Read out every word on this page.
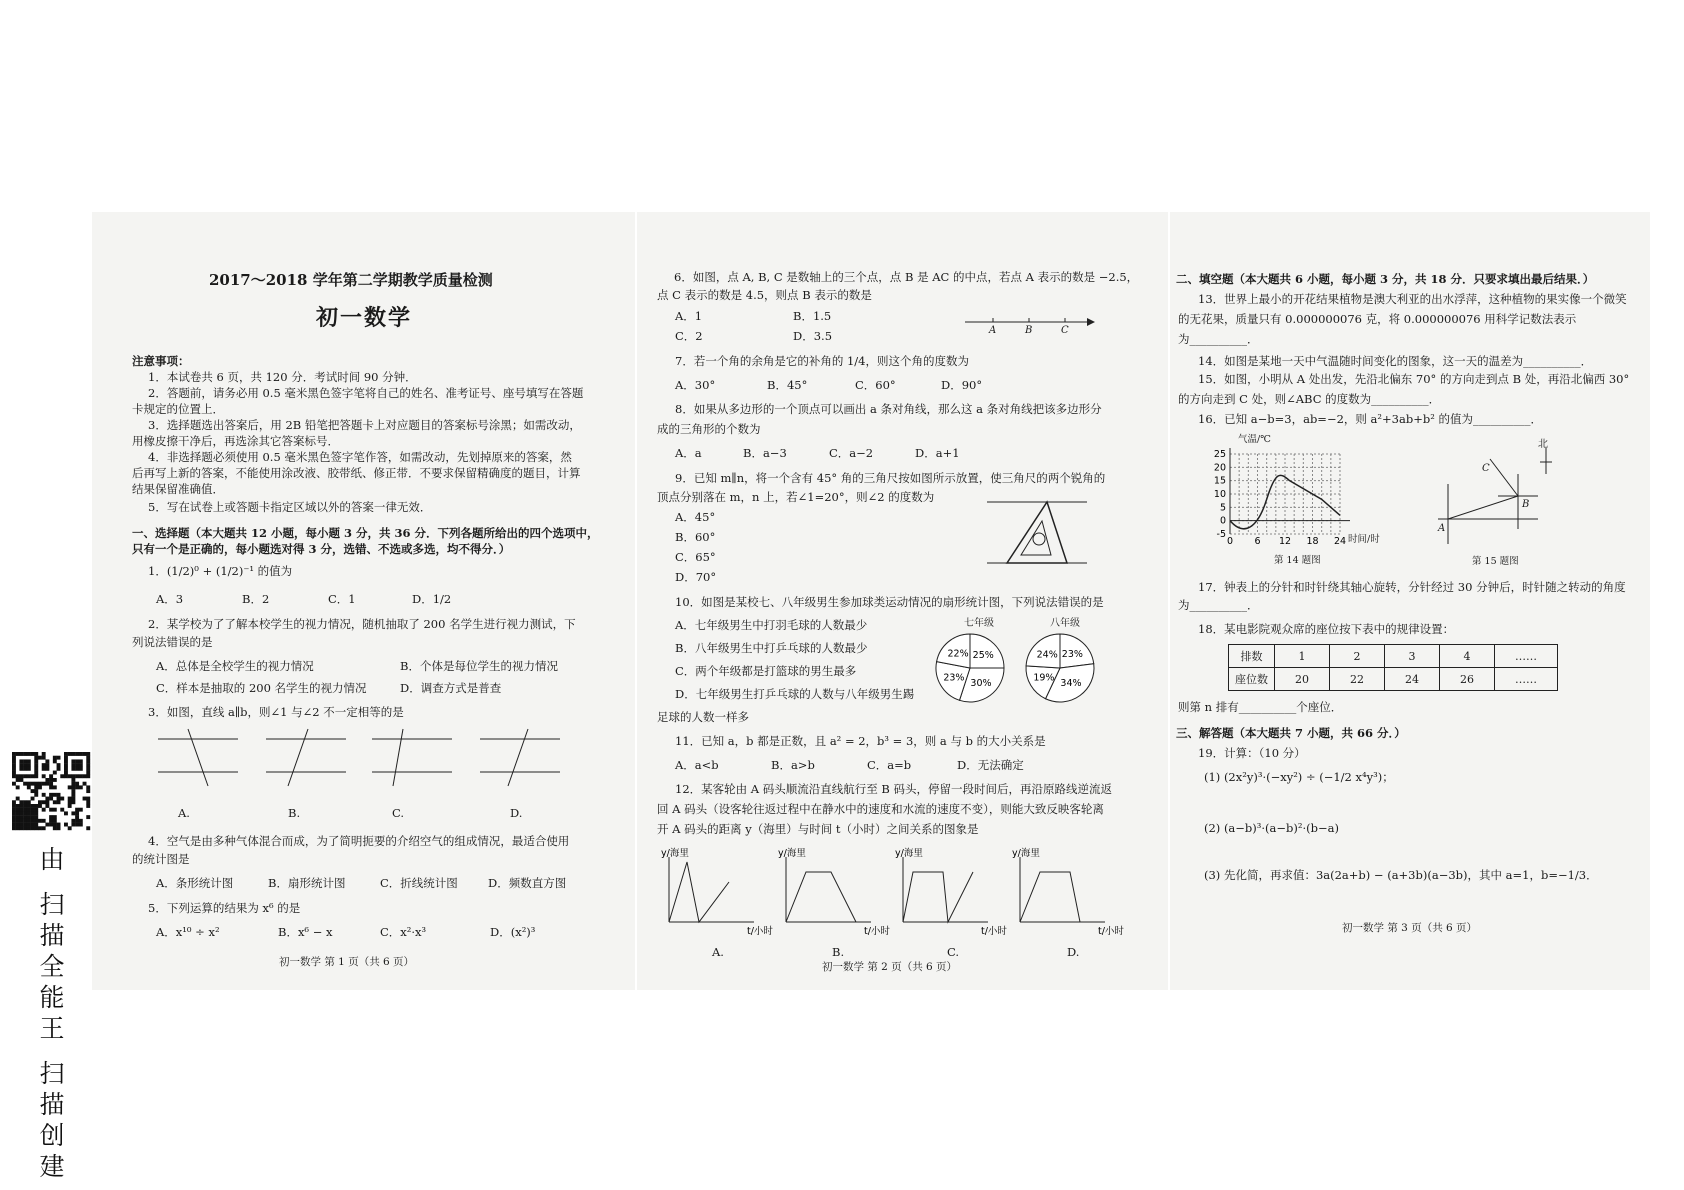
2017～2018 学年第二学期教学质量检测
初一数学
注意事项：
1．本试卷共 6 页，共 120 分．考试时间 90 分钟．
2．答题前，请务必用 0.5 毫米黑色签字笔将自己的姓名、准考证号、座号填写在答题
卡规定的位置上．
3．选择题选出答案后，用 2B 铅笔把答题卡上对应题目的答案标号涂黑；如需改动，
用橡皮擦干净后，再选涂其它答案标号．
4．非选择题必须使用 0.5 毫米黑色签字笔作答，如需改动，先划掉原来的答案，然
后再写上新的答案，不能使用涂改液、胶带纸、修正带．不要求保留精确度的题目，计算
结果保留准确值．
5．写在试卷上或答题卡指定区域以外的答案一律无效．
一、选择题（本大题共 12 小题，每小题 3 分，共 36 分．下列各题所给出的四个选项中，
只有一个是正确的，每小题选对得 3 分，选错、不选或多选，均不得分．）
1．(1/2)⁰ + (1/2)⁻¹ 的值为
A．3	B．2	C．1	D．1/2
2．某学校为了了解本校学生的视力情况，随机抽取了 200 名学生进行视力测试，下
列说法错误的是
A．总体是全校学生的视力情况	B．个体是每位学生的视力情况
C．样本是抽取的 200 名学生的视力情况	D．调查方式是普查
3．如图，直线 a∥b，则∠1 与∠2 不一定相等的是
A.	B.	C.	D.
4．空气是由多种气体混合而成，为了简明扼要的介绍空气的组成情况，最适合使用
的统计图是
A．条形统计图	B．扇形统计图	C．折线统计图	D．频数直方图
5．下列运算的结果为 x⁶ 的是
A．x¹⁰ ÷ x²	B．x⁶ − x	C．x²·x³	D．(x²)³
初一数学 第 1 页（共 6 页）
6．如图，点 A, B, C 是数轴上的三个点，点 B 是 AC 的中点，若点 A 表示的数是 −2.5，
点 C 表示的数是 4.5，则点 B 表示的数是
A．1	B．1.5
C．2	D．3.5	A	B	C
7．若一个角的余角是它的补角的 1/4，则这个角的度数为
A．30°	B．45°	C．60°	D．90°
8．如果从多边形的一个顶点可以画出 a 条对角线，那么这 a 条对角线把该多边形分
成的三角形的个数为
A．a	B．a−3	C．a−2	D．a+1
9．已知 m∥n，将一个含有 45° 角的三角尺按如图所示放置，使三角尺的两个锐角的
顶点分别落在 m，n 上，若∠1=20°，则∠2 的度数为
A．45°
B．60°
C．65°
D．70°
10．如图是某校七、八年级男生参加球类运动情况的扇形统计图，下列说法错误的是
A．七年级男生中打羽毛球的人数最少
B．八年级男生中打乒乓球的人数最少
C．两个年级都是打篮球的男生最多
D．七年级男生打乒乓球的人数与八年级男生踢
足球的人数一样多
七年级	八年级
25%
30%
23%
22%	23%
34%
19%
24%
11．已知 a，b 都是正数，且 a² = 2，b³ = 3，则 a 与 b 的大小关系是
A．a<b	B．a>b	C．a=b	D．无法确定
12．某客轮由 A 码头顺流沿直线航行至 B 码头，停留一段时间后，再沿原路线逆流返
回 A 码头（设客轮往返过程中在静水中的速度和水流的速度不变），则能大致反映客轮离
开 A 码头的距离 y（海里）与时间 t（小时）之间关系的图象是
y/海里
t/小时
y/海里
t/小时
y/海里
t/小时
y/海里
t/小时
A.	B.	C.	D.
初一数学 第 2 页（共 6 页）
二、填空题（本大题共 6 小题，每小题 3 分，共 18 分．只要求填出最后结果．）
13．世界上最小的开花结果植物是澳大利亚的出水浮萍，这种植物的果实像一个微笑
的无花果，质量只有 0.000000076 克，将 0.000000076 用科学记数法表示
为__________．
14．如图是某地一天中气温随时间变化的图象，这一天的温差为__________．
15．如图，小明从 A 处出发，先沿北偏东 70° 的方向走到点 B 处，再沿北偏西 30°
的方向走到 C 处，则∠ABC 的度数为__________．
16．已知 a−b=3，ab=−2，则 a²+3ab+b² 的值为__________．
气温/℃
25
20
15
10
5
0
-5
0 6 12 18 24 时间/时
第 14 题图
北
A
B
C
第 15 题图
17．钟表上的分针和时针绕其轴心旋转，分针经过 30 分钟后，时针随之转动的角度
为__________．
18．某电影院观众席的座位按下表中的规律设置：
排数	1	2	3	4	……
座位数	20	22	24	26	……
则第 n 排有__________个座位．
三、解答题（本大题共 7 小题，共 66 分．）
19．计算：（10 分）
(1) (2x²y)³·(−xy²) ÷ (−1/2 x⁴y³)；
(2) (a−b)³·(a−b)²·(b−a)
(3) 先化简，再求值：3a(2a+b) − (a+3b)(a−3b)，其中 a=1，b=−1/3．
初一数学 第 3 页（共 6 页）
由 扫描全能王 扫描创建
